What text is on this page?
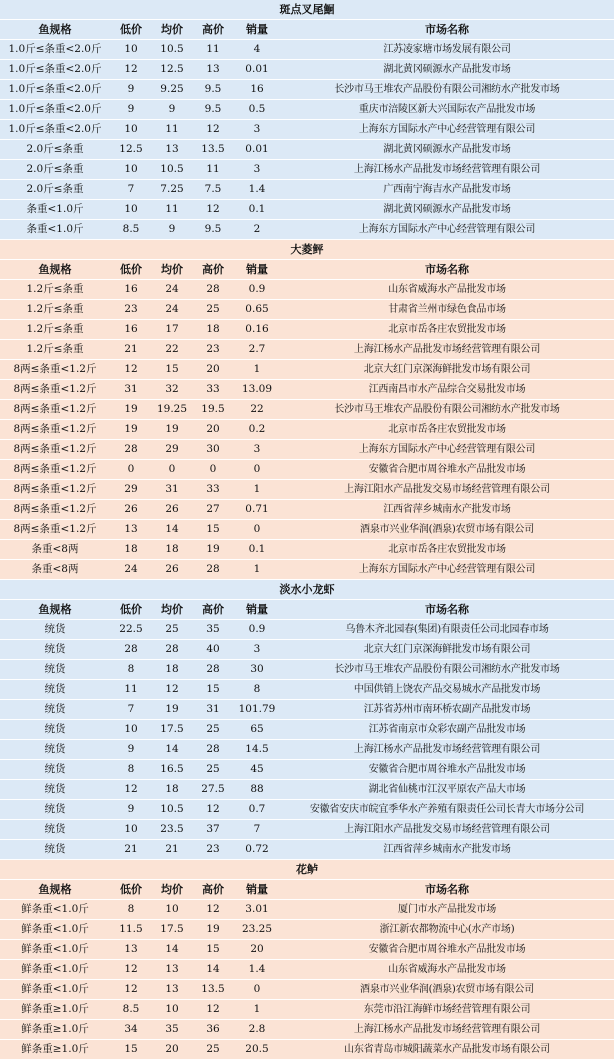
斑点叉尾鮰					
鱼规格	低价	均价	高价	销量	市场名称
1.0斤≤条重<2.0斤	10	10.5	11	4	江苏凌家塘市场发展有限公司
1.0斤≤条重<2.0斤	12	12.5	13	0.01	湖北黄冈硕源水产品批发市场
1.0斤≤条重<2.0斤	9	9.25	9.5	16	长沙市马王堆农产品股份有限公司湘纺水产批发市场
1.0斤≤条重<2.0斤	9	9	9.5	0.5	重庆市涪陵区新大兴国际农产品批发市场
1.0斤≤条重<2.0斤	10	11	12	3	上海东方国际水产中心经营管理有限公司
2.0斤≤条重	12.5	13	13.5	0.01	湖北黄冈硕源水产品批发市场
2.0斤≤条重	10	10.5	11	3	上海江杨水产品批发市场经营管理有限公司
2.0斤≤条重	7	7.25	7.5	1.4	广西南宁海吉水产品批发市场
条重<1.0斤	10	11	12	0.1	湖北黄冈硕源水产品批发市场
条重<1.0斤	8.5	9	9.5	2	上海东方国际水产中心经营管理有限公司
大菱鲆					
鱼规格	低价	均价	高价	销量	市场名称
1.2斤≤条重	16	24	28	0.9	山东省威海水产品批发市场
1.2斤≤条重	23	24	25	0.65	甘肃省兰州市绿色食品市场
1.2斤≤条重	16	17	18	0.16	北京市岳各庄农贸批发市场
1.2斤≤条重	21	22	23	2.7	上海江杨水产品批发市场经营管理有限公司
8两≤条重<1.2斤	12	15	20	1	北京大红门京深海鲜批发市场有限公司
8两≤条重<1.2斤	31	32	33	13.09	江西南昌市水产品综合交易批发市场
8两≤条重<1.2斤	19	19.25	19.5	22	长沙市马王堆农产品股份有限公司湘纺水产批发市场
8两≤条重<1.2斤	19	19	20	0.2	北京市岳各庄农贸批发市场
8两≤条重<1.2斤	28	29	30	3	上海东方国际水产中心经营管理有限公司
8两≤条重<1.2斤	0	0	0	0	安徽省合肥市周谷堆水产品批发市场
8两≤条重<1.2斤	29	31	33	1	上海江阳水产品批发交易市场经营管理有限公司
8两≤条重<1.2斤	26	26	27	0.71	江西省萍乡城南水产批发市场
8两≤条重<1.2斤	13	14	15	0	酒泉市兴业华润(酒泉)农贸市场有限公司
条重<8两	18	18	19	0.1	北京市岳各庄农贸批发市场
条重<8两	24	26	28	1	上海东方国际水产中心经营管理有限公司
淡水小龙虾					
鱼规格	低价	均价	高价	销量	市场名称
统货	22.5	25	35	0.9	乌鲁木齐北园春(集团)有限责任公司北园春市场
统货	28	28	40	3	北京大红门京深海鲜批发市场有限公司
统货	8	18	28	30	长沙市马王堆农产品股份有限公司湘纺水产批发市场
统货	11	12	15	8	中国供销上饶农产品交易城水产品批发市场
统货	7	19	31	101.79	江苏省苏州市南环桥农副产品批发市场
统货	10	17.5	25	65	江苏省南京市众彩农副产品批发市场
统货	9	14	28	14.5	上海江杨水产品批发市场经营管理有限公司
统货	8	16.5	25	45	安徽省合肥市周谷堆水产品批发市场
统货	12	18	27.5	88	湖北省仙桃市江汉平原农产品大市场
统货	9	10.5	12	0.7	安徽省安庆市皖宜季华水产养殖有限责任公司长青大市场分公司
统货	10	23.5	37	7	上海江阳水产品批发交易市场经营管理有限公司
统货	21	21	23	0.72	江西省萍乡城南水产批发市场
花鲈					
鱼规格	低价	均价	高价	销量	市场名称
鲜条重<1.0斤	8	10	12	3.01	厦门市水产品批发市场
鲜条重<1.0斤	11.5	17.5	19	23.25	浙江新农都物流中心(水产市场)
鲜条重<1.0斤	13	14	15	20	安徽省合肥市周谷堆水产品批发市场
鲜条重<1.0斤	12	13	14	1.4	山东省威海水产品批发市场
鲜条重<1.0斤	12	13	13.5	0	酒泉市兴业华润(酒泉)农贸市场有限公司
鲜条重≥1.0斤	8.5	10	12	1	东莞市沿江海鲜市场经营管理有限公司
鲜条重≥1.0斤	34	35	36	2.8	上海江杨水产品批发市场经营管理有限公司
鲜条重≥1.0斤	15	20	25	20.5	山东省青岛市城阳蔬菜水产品批发市场有限公司
